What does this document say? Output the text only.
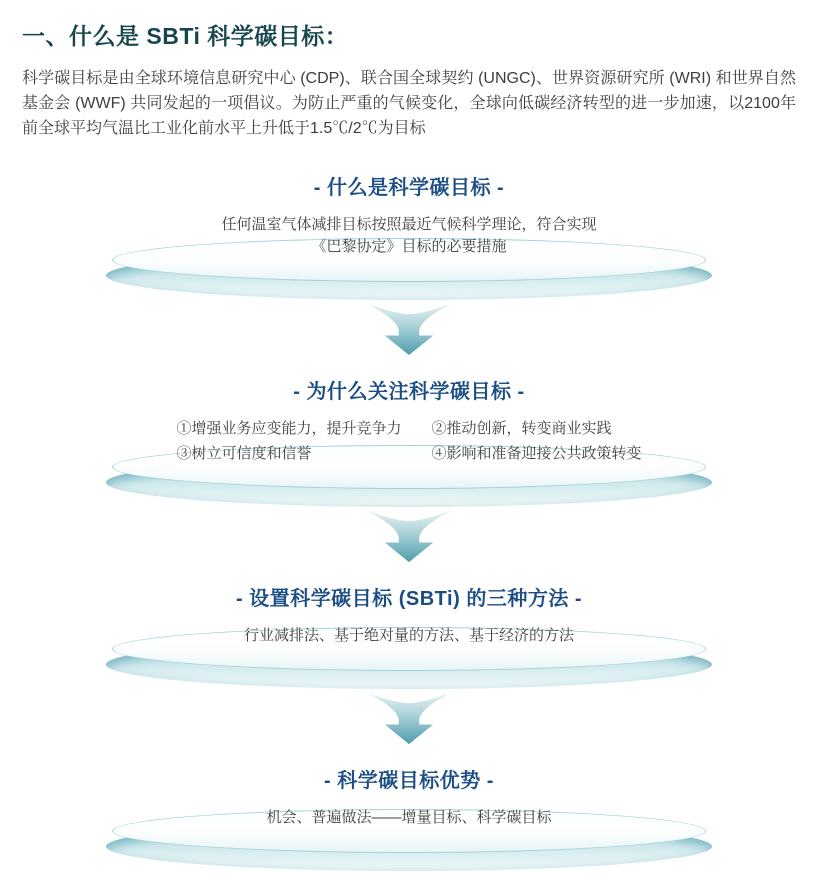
一、什么是 SBTi 科学碳目标：

科学碳目标是由全球环境信息研究中心 (CDP)、联合国全球契约 (UNGC)、世界资源研究所 (WRI) 和世界自然基金会 (WWF) 共同发起的一项倡议。为防止严重的气候变化，全球向低碳经济转型的进一步加速，以2100年前全球平均气温比工业化前水平上升低于1.5℃/2℃为目标

- 什么是科学碳目标 -
任何温室气体减排目标按照最近气候科学理论，符合实现
《巴黎协定》目标的必要措施
- 为什么关注科学碳目标 -
①增强业务应变能力，提升竞争力 ②推动创新，转变商业实践
③树立可信度和信誉	④影响和准备迎接公共政策转变
- 设置科学碳目标 (SBTi) 的三种方法 -
行业减排法、基于绝对量的方法、基于经济的方法
- 科学碳目标优势 -
机会、普遍做法——增量目标、科学碳目标
